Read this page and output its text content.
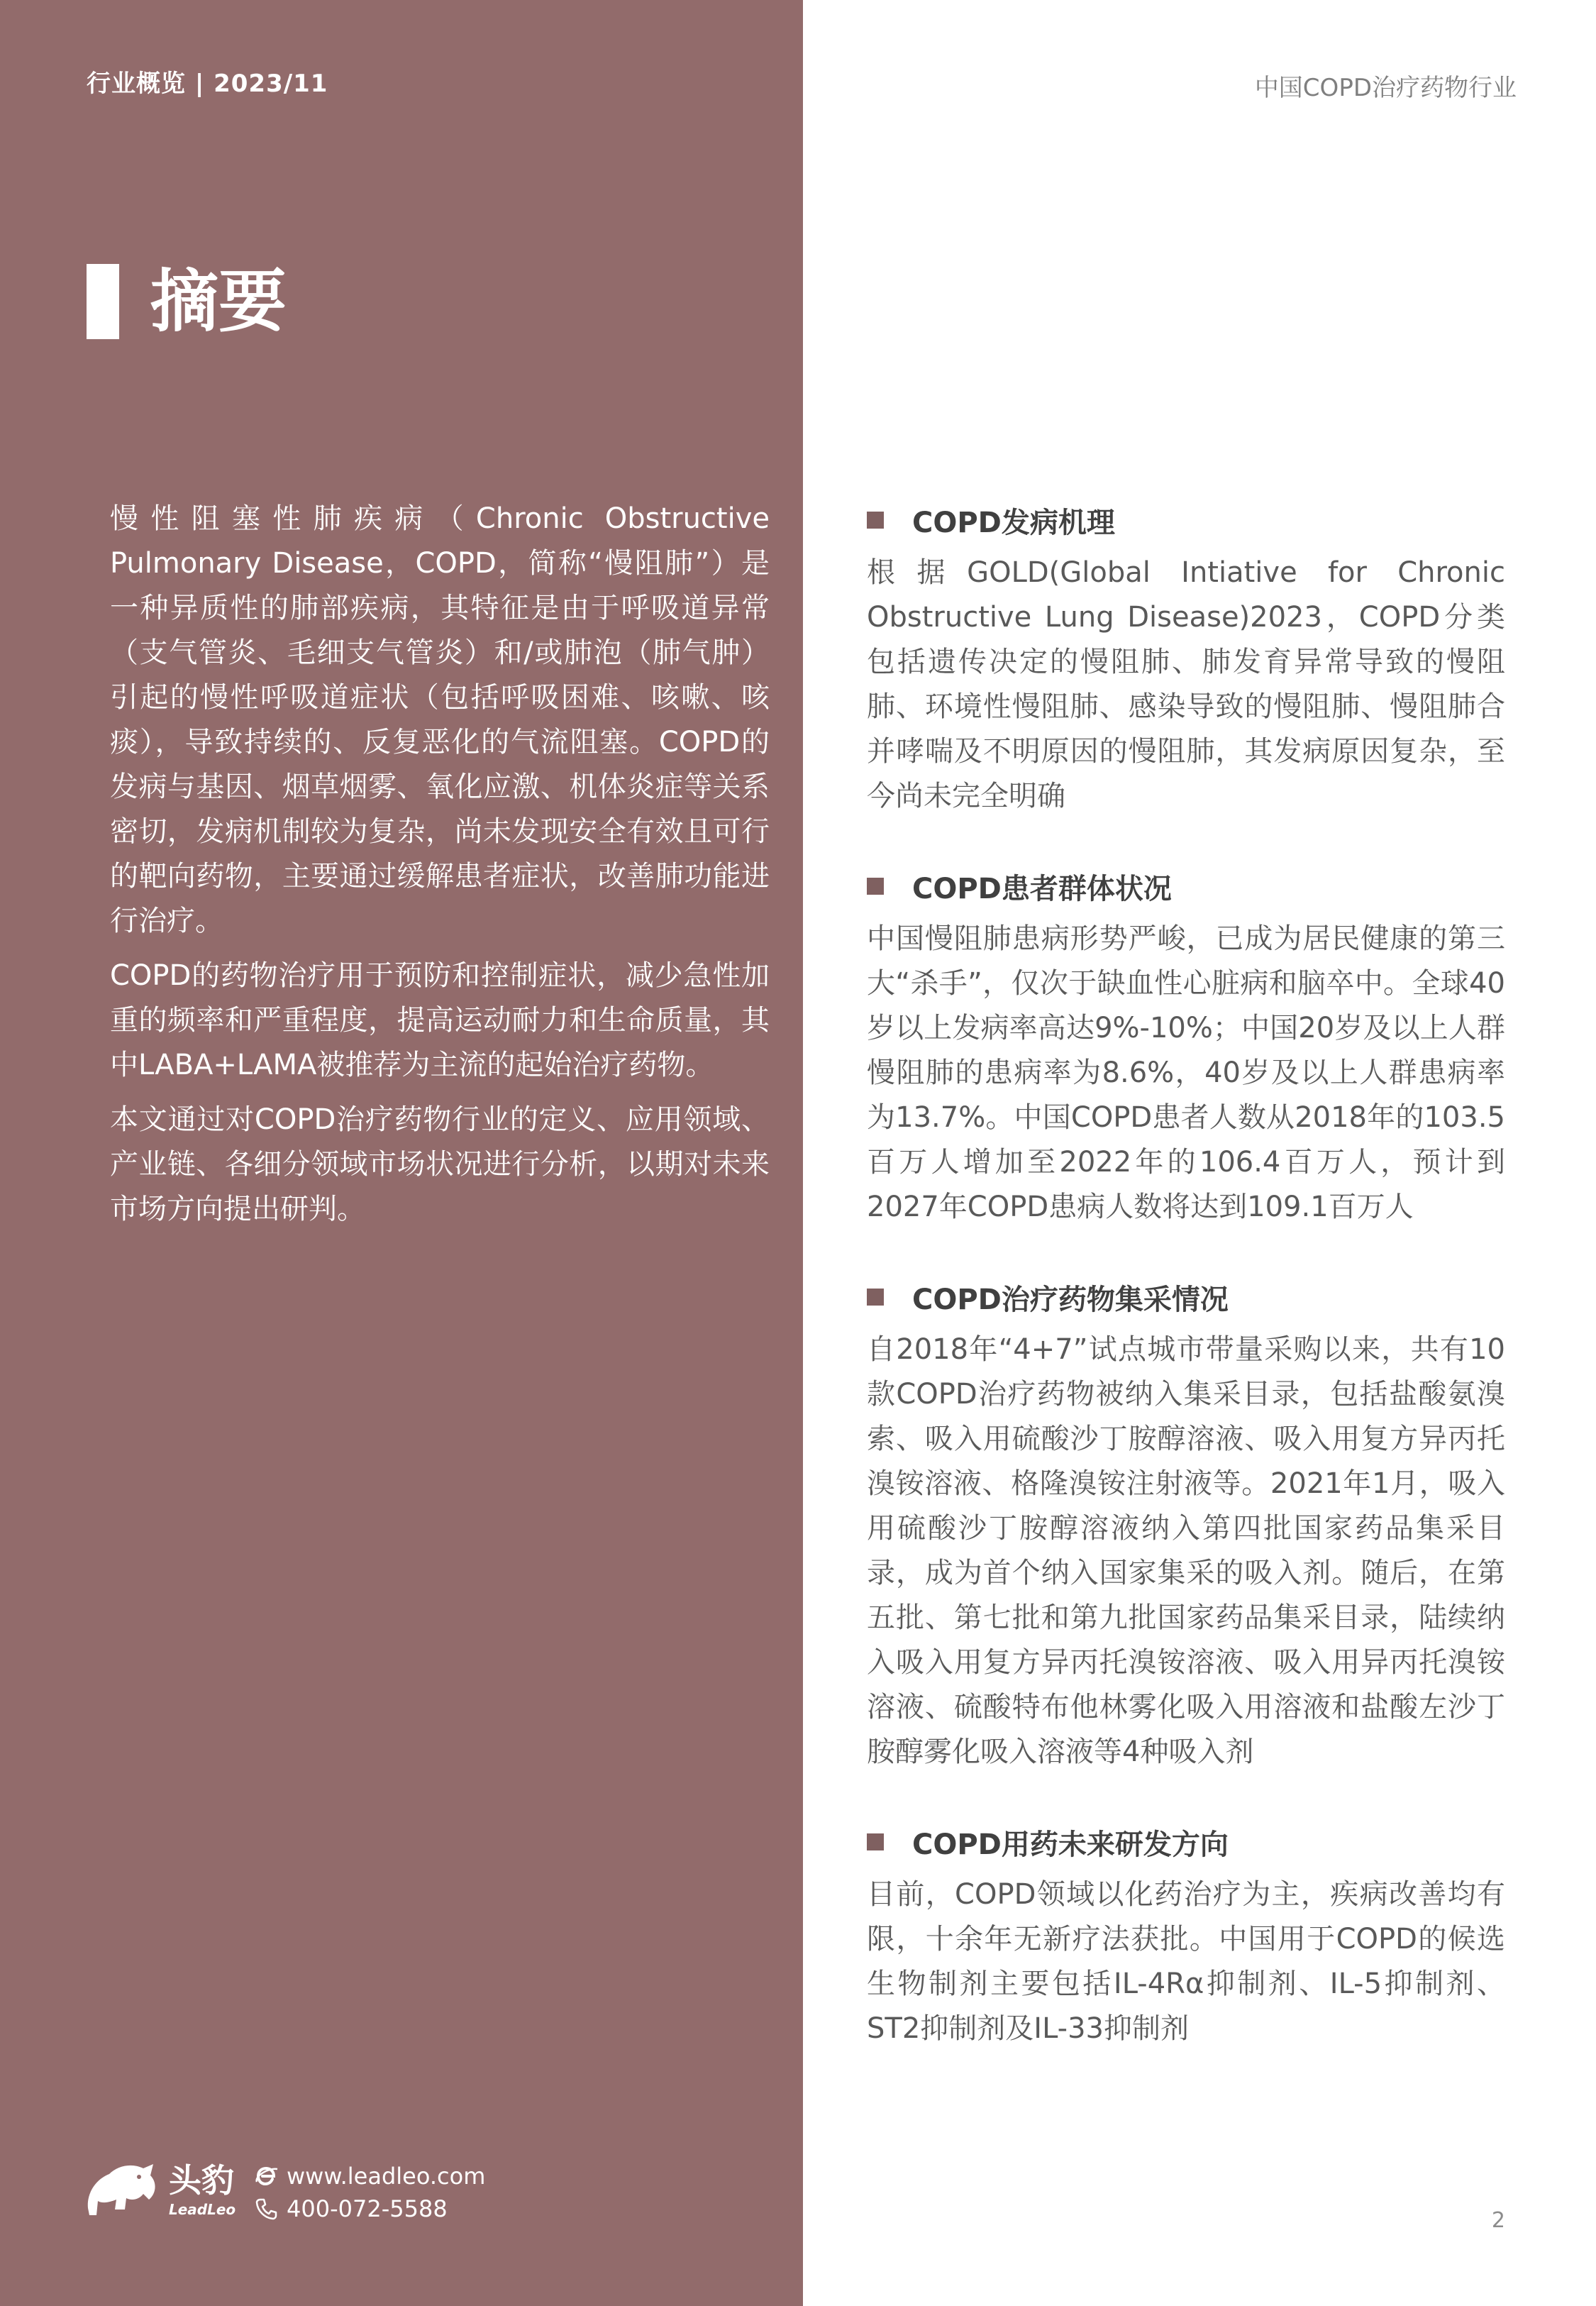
行业概览 | 2023/11	中国COPD治疗药物行业
摘要

慢性阻塞性肺疾病（Chronic Obstructive Pulmonary Disease，COPD，简称“慢阻肺”）是一种异质性的肺部疾病，其特征是由于呼吸道异常（支气管炎、毛细支气管炎）和/或肺泡（肺气肿）引起的慢性呼吸道症状（包括呼吸困难、咳嗽、咳痰），导致持续的、反复恶化的气流阻塞。COPD的发病与基因、烟草烟雾、氧化应激、机体炎症等关系密切，发病机制较为复杂，尚未发现安全有效且可行的靶向药物，主要通过缓解患者症状，改善肺功能进行治疗。

COPD的药物治疗用于预防和控制症状，减少急性加重的频率和严重程度，提高运动耐力和生命质量，其中LABA+LAMA被推荐为主流的起始治疗药物。

本文通过对COPD治疗药物行业的定义、应用领域、产业链、各细分领域市场状况进行分析，以期对未来市场方向提出研判。

COPD发病机理
根据GOLD(Global Intiative for Chronic Obstructive Lung Disease)2023，COPD分类包括遗传决定的慢阻肺、肺发育异常导致的慢阻肺、环境性慢阻肺、感染导致的慢阻肺、慢阻肺合并哮喘及不明原因的慢阻肺，其发病原因复杂，至今尚未完全明确
COPD患者群体状况
中国慢阻肺患病形势严峻，已成为居民健康的第三大“杀手”，仅次于缺血性心脏病和脑卒中。全球40岁以上发病率高达9%-10%；中国20岁及以上人群慢阻肺的患病率为8.6%，40岁及以上人群患病率为13.7%。中国COPD患者人数从2018年的103.5百万人增加至2022年的106.4百万人，预计到2027年COPD患病人数将达到109.1百万人
COPD治疗药物集采情况
自2018年“4+7”试点城市带量采购以来，共有10款COPD治疗药物被纳入集采目录，包括盐酸氨溴索、吸入用硫酸沙丁胺醇溶液、吸入用复方异丙托溴铵溶液、格隆溴铵注射液等。2021年1月，吸入用硫酸沙丁胺醇溶液纳入第四批国家药品集采目录，成为首个纳入国家集采的吸入剂。随后，在第五批、第七批和第九批国家药品集采目录，陆续纳入吸入用复方异丙托溴铵溶液、吸入用异丙托溴铵溶液、硫酸特布他林雾化吸入用溶液和盐酸左沙丁胺醇雾化吸入溶液等4种吸入剂
COPD用药未来研发方向
目前，COPD领域以化药治疗为主，疾病改善均有限，十余年无新疗法获批。中国用于COPD的候选生物制剂主要包括IL-4Rα抑制剂、IL-5抑制剂、ST2抑制剂及IL-33抑制剂
头豹
LeadLeo
www.leadleo.com
400-072-5588	2
